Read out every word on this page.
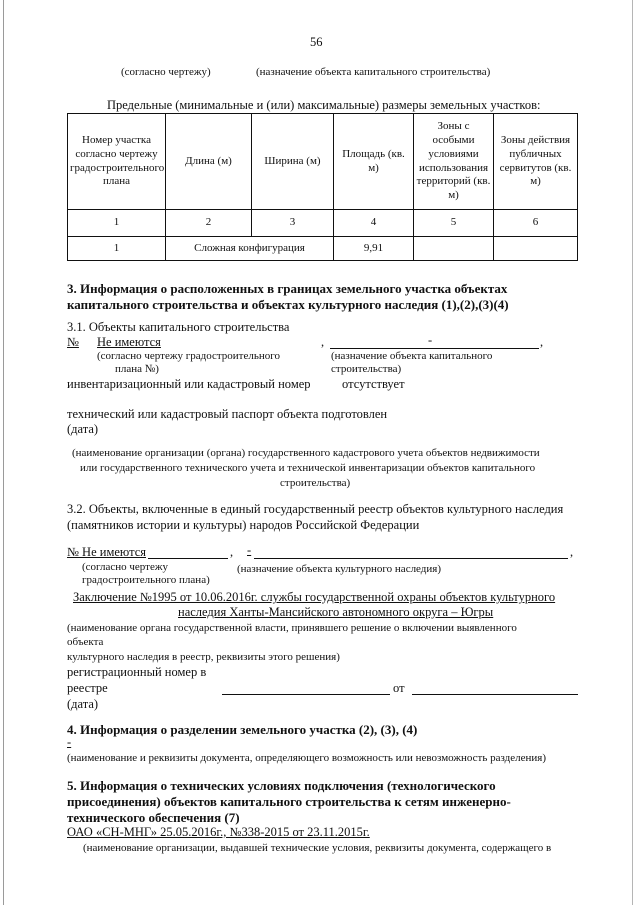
56
(согласно чертежу)	(назначение объекта капитального строительства)
Предельные (минимальные и (или) максимальные) размеры земельных участков:
Номер участка согласно чертежу градостроительного плана	Длина (м)	Ширина (м)	Площадь (кв. м)	Зоны с особыми условиями использования территорий (кв. м)	Зоны действия публичных сервитутов (кв. м)
1	2	3	4	5	6
1	Сложная конфигурация		9,91		
3. Информация о расположенных в границах земельного участка объектах
капитального строительства и объектах культурного наследия (1),(2),(3)(4)
3.1. Объекты капитального строительства
№ Не имеются	,	-	,
(согласно чертежу градостроительного
плана №)
(назначение объекта капитального
строительства)
инвентаризационный или кадастровый номер	отсутствует
технический или кадастровый паспорт объекта подготовлен
(дата)
(наименование организации (органа) государственного кадастрового учета объектов недвижимости
или государственного технического учета и технической инвентаризации объектов капитального
строительства)
3.2. Объекты, включенные в единый государственный реестр объектов культурного наследия
(памятников истории и культуры) народов Российской Федерации
№ Не имеются	, -	,
(согласно чертежу
градостроительного плана)
(назначение объекта культурного наследия)
Заключение №1995 от 10.06.2016г. службы государственной охраны объектов культурного
наследия Ханты-Мансийского автономного округа – Югры
(наименование органа государственной власти, принявшего решение о включении выявленного
объекта
культурного наследия в реестр, реквизиты этого решения)
регистрационный номер в
реестре	от
(дата)
4. Информация о разделении земельного участка (2), (3), (4)
-
(наименование и реквизиты документа, определяющего возможность или невозможность разделения)
5. Информация о технических условиях подключения (технологического
присоединения) объектов капитального строительства к сетям инженерно-
технического обеспечения (7)
ОАО «СН-МНГ» 25.05.2016г., №338-2015 от 23.11.2015г.
(наименование организации, выдавшей технические условия, реквизиты документа, содержащего в
